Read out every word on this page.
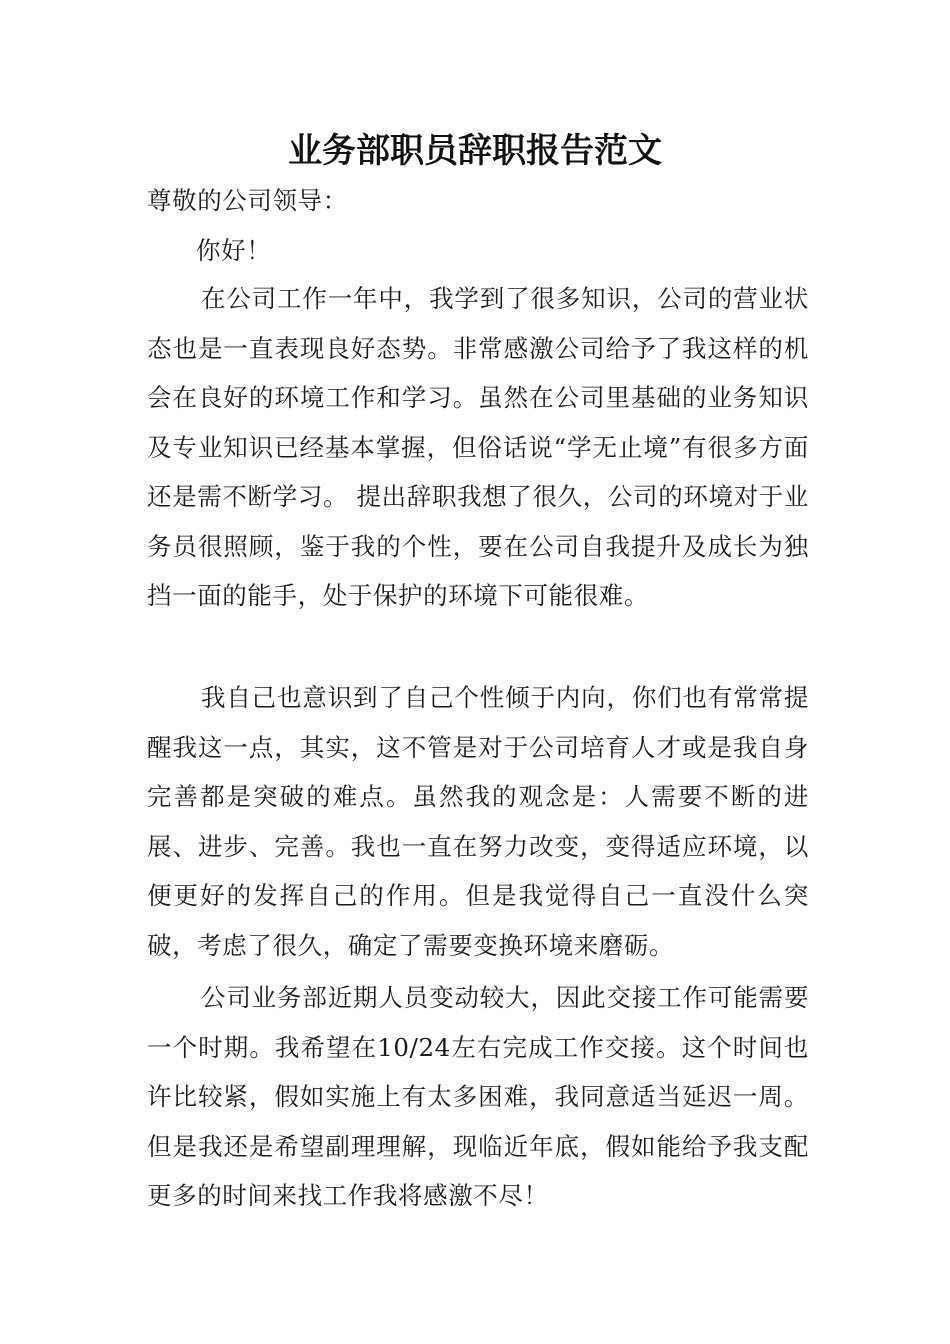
业务部职员辞职报告范文
尊敬的公司领导：
你好！
在公司工作一年中，我学到了很多知识，公司的营业状态也是一直表现良好态势。非常感激公司给予了我这样的机会在良好的环境工作和学习。虽然在公司里基础的业务知识及专业知识已经基本掌握，但俗话说“学无止境”有很多方面还是需不断学习。 提出辞职我想了很久，公司的环境对于业务员很照顾，鉴于我的个性，要在公司自我提升及成长为独挡一面的能手，处于保护的环境下可能很难。
我自己也意识到了自己个性倾于内向，你们也有常常提醒我这一点，其实，这不管是对于公司培育人才或是我自身完善都是突破的难点。虽然我的观念是：人需要不断的进展、进步、完善。我也一直在努力改变，变得适应环境，以便更好的发挥自己的作用。但是我觉得自己一直没什么突破，考虑了很久，确定了需要变换环境来磨砺。
公司业务部近期人员变动较大，因此交接工作可能需要一个时期。我希望在10/24左右完成工作交接。这个时间也许比较紧，假如实施上有太多困难，我同意适当延迟一周。但是我还是希望副理理解，现临近年底，假如能给予我支配更多的时间来找工作我将感激不尽！
